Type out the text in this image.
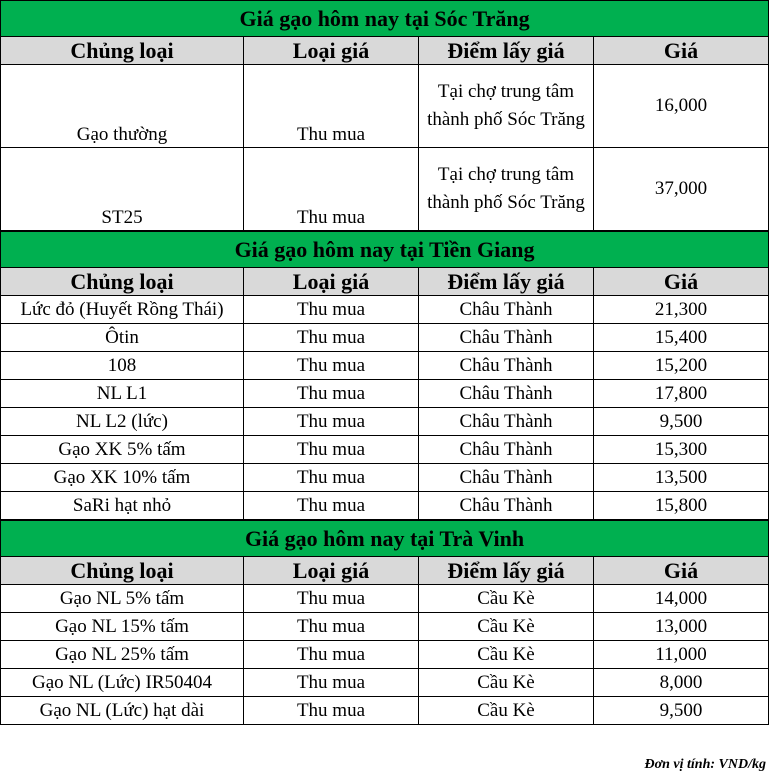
Giá gạo hôm nay tại Sóc Trăng			
Chủng loại	Loại giá	Điểm lấy giá	Giá
Gạo thường	Thu mua	Tại chợ trung tâm thành phố Sóc Trăng	16,000
ST25	Thu mua	Tại chợ trung tâm thành phố Sóc Trăng	37,000
Giá gạo hôm nay tại Tiền Giang			
Chủng loại	Loại giá	Điểm lấy giá	Giá
Lức đỏ (Huyết Rồng Thái)	Thu mua	Châu Thành	21,300
Ôtin	Thu mua	Châu Thành	15,400
108	Thu mua	Châu Thành	15,200
NL L1	Thu mua	Châu Thành	17,800
NL L2 (lức)	Thu mua	Châu Thành	9,500
Gạo XK 5% tấm	Thu mua	Châu Thành	15,300
Gạo XK 10% tấm	Thu mua	Châu Thành	13,500
SaRi hạt nhỏ	Thu mua	Châu Thành	15,800
Giá gạo hôm nay tại Trà Vinh			
Chủng loại	Loại giá	Điểm lấy giá	Giá
Gạo NL 5% tấm	Thu mua	Cầu Kè	14,000
Gạo NL 15% tấm	Thu mua	Cầu Kè	13,000
Gạo NL 25% tấm	Thu mua	Cầu Kè	11,000
Gạo NL (Lức) IR50404	Thu mua	Cầu Kè	8,000
Gạo NL (Lức) hạt dài	Thu mua	Cầu Kè	9,500
Đơn vị tính: VND/kg
